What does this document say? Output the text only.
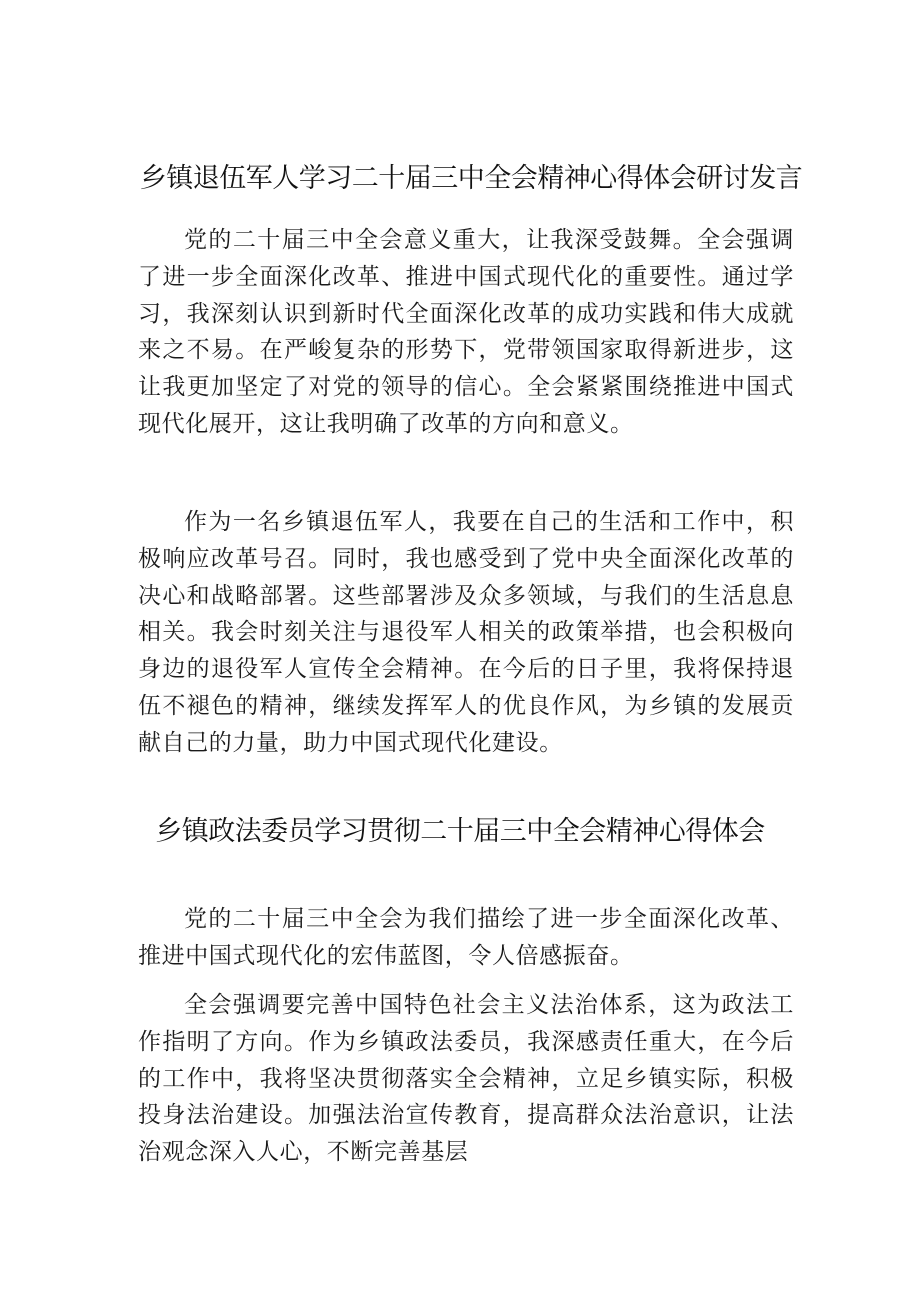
乡镇退伍军人学习二十届三中全会精神心得体会研讨发言

党的二十届三中全会意义重大，让我深受鼓舞。全会强调了进一步全面深化改革、推进中国式现代化的重要性。通过学习，我深刻认识到新时代全面深化改革的成功实践和伟大成就来之不易。在严峻复杂的形势下，党带领国家取得新进步，这让我更加坚定了对党的领导的信心。全会紧紧围绕推进中国式现代化展开，这让我明确了改革的方向和意义。

作为一名乡镇退伍军人，我要在自己的生活和工作中，积极响应改革号召。同时，我也感受到了党中央全面深化改革的决心和战略部署。这些部署涉及众多领域，与我们的生活息息相关。我会时刻关注与退役军人相关的政策举措，也会积极向身边的退役军人宣传全会精神。在今后的日子里，我将保持退伍不褪色的精神，继续发挥军人的优良作风，为乡镇的发展贡献自己的力量，助力中国式现代化建设。

乡镇政法委员学习贯彻二十届三中全会精神心得体会

党的二十届三中全会为我们描绘了进一步全面深化改革、推进中国式现代化的宏伟蓝图，令人倍感振奋。

全会强调要完善中国特色社会主义法治体系，这为政法工作指明了方向。作为乡镇政法委员，我深感责任重大，在今后的工作中，我将坚决贯彻落实全会精神，立足乡镇实际，积极投身法治建设。加强法治宣传教育，提高群众法治意识，让法治观念深入人心，不断完善基层
